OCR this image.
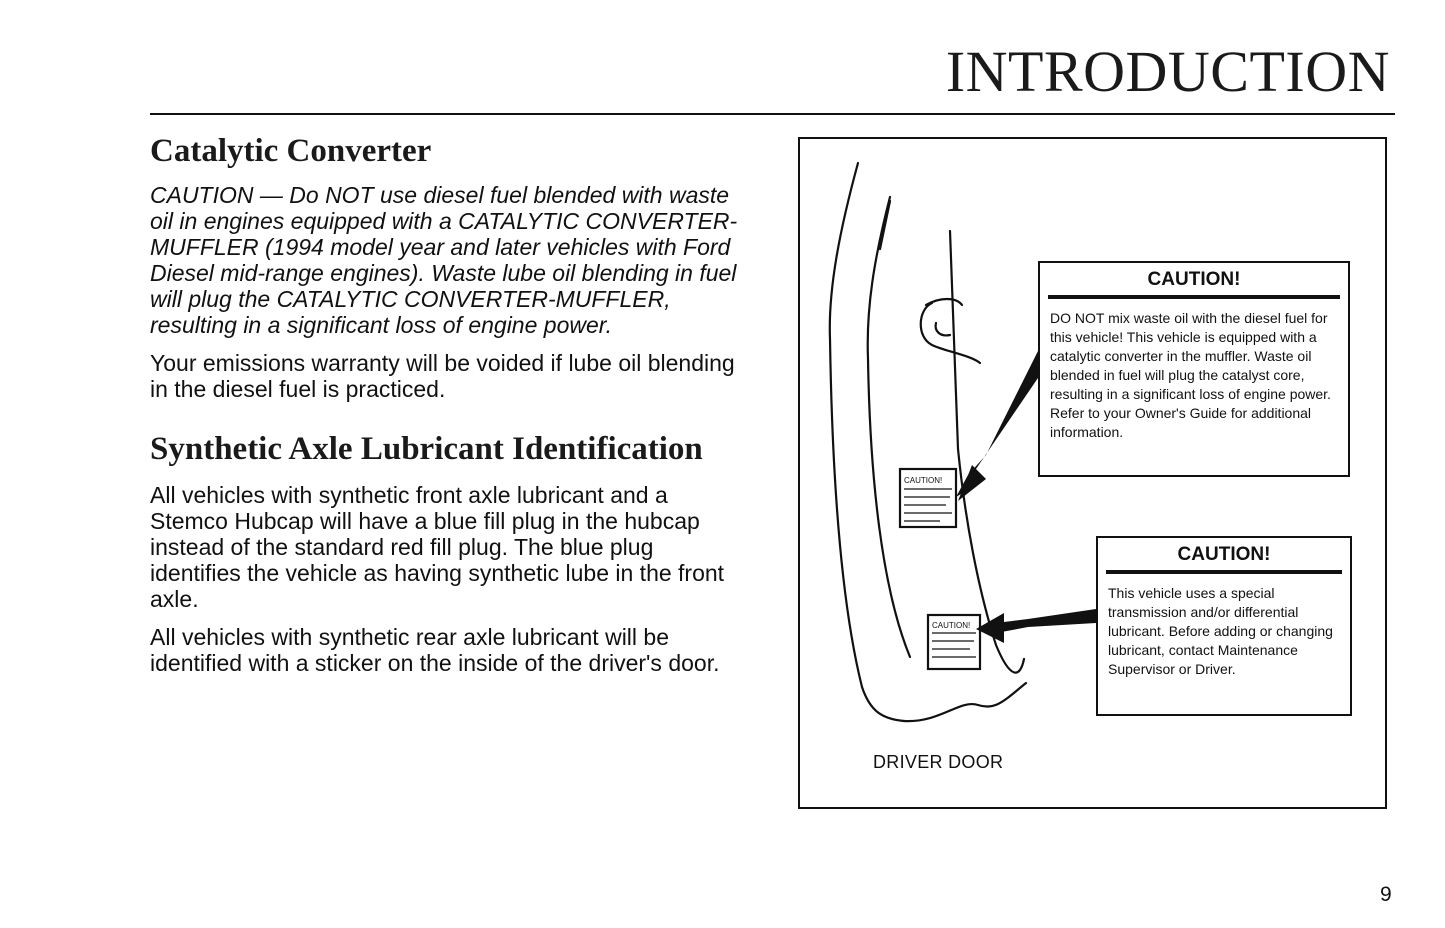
INTRODUCTION
Catalytic Converter

CAUTION — Do NOT use diesel fuel blended with waste oil in engines equipped with a CATALYTIC CONVERTER-MUFFLER (1994 model year and later vehicles with Ford Diesel mid-range engines). Waste lube oil blending in fuel will plug the CATALYTIC CONVERTER-MUFFLER, resulting in a significant loss of engine power.

Your emissions warranty will be voided if lube oil blending in the diesel fuel is practiced.

Synthetic Axle Lubricant Identification

All vehicles with synthetic front axle lubricant and a Stemco Hubcap will have a blue fill plug in the hubcap instead of the standard red fill plug. The blue plug identifies the vehicle as having synthetic lube in the front axle.

All vehicles with synthetic rear axle lubricant will be identified with a sticker on the inside of the driver's door.

CAUTION!
CAUTION!
CAUTION!
DO NOT mix waste oil with the diesel fuel for this vehicle! This vehicle is equipped with a catalytic converter in the muffler. Waste oil blended in fuel will plug the catalyst core, resulting in a significant loss of engine power. Refer to your Owner's Guide for additional information.
CAUTION!
This vehicle uses a special transmission and/or differential lubricant. Before adding or changing lubricant, contact Maintenance Supervisor or Driver.
DRIVER DOOR
9
